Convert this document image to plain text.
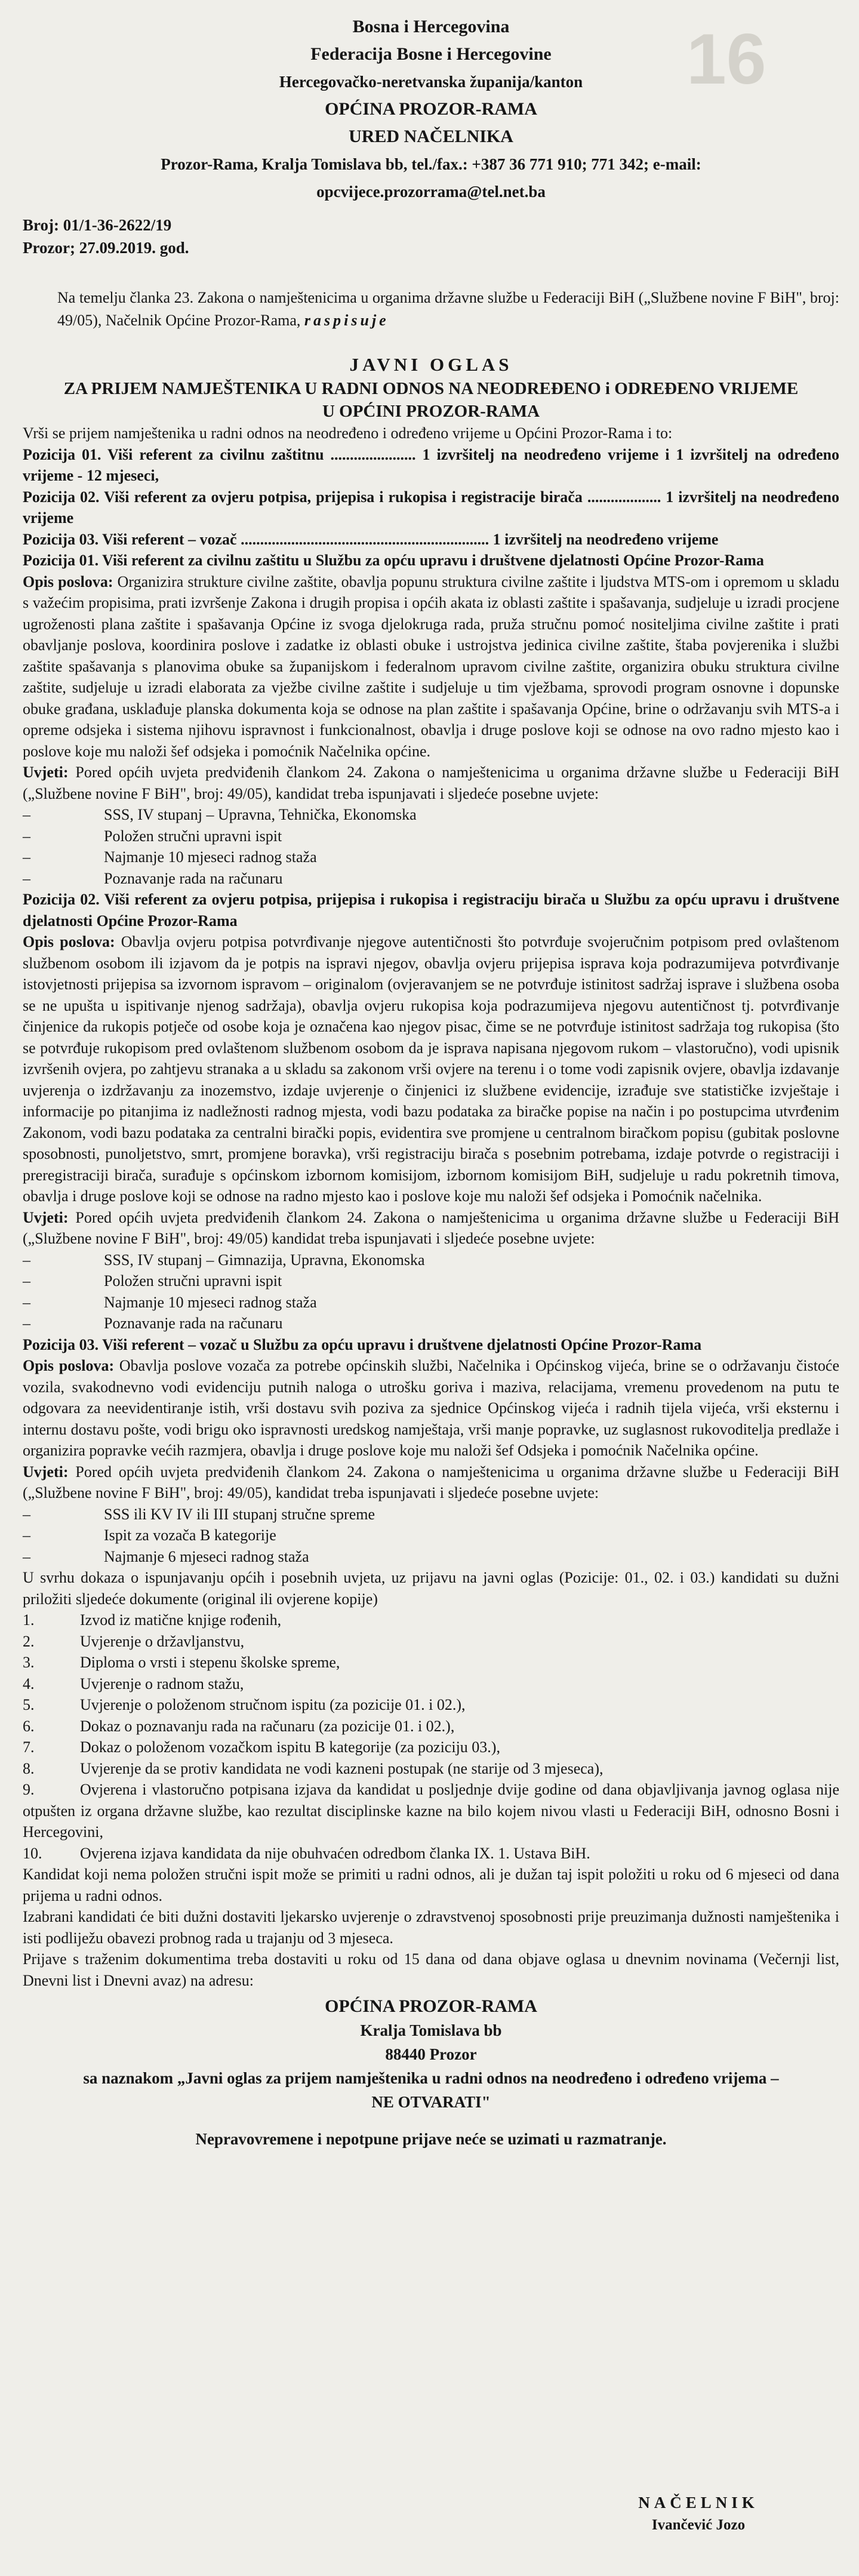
16

Bosna i Hercegovina

Federacija Bosne i Hercegovine

Hercegovačko-neretvanska županija/kanton

OPĆINA PROZOR-RAMA

URED NAČELNIKA

Prozor-Rama, Kralja Tomislava bb, tel./fax.: +387 36 771 910; 771 342; e-mail:

opcvijece.prozorrama@tel.net.ba

Broj: 01/1-36-2622/19

Prozor; 27.09.2019. god.

Na temelju članka 23. Zakona o namještenicima u organima državne službe u Federaciji BiH („Službene novine F BiH", broj: 49/05), Načelnik Općine Prozor-Rama, raspisuje

JAVNI OGLAS

ZA PRIJEM NAMJEŠTENIKA U RADNI ODNOS NA NEODREĐENO i ODREĐENO VRIJEME

U OPĆINI PROZOR-RAMA

Vrši se prijem namještenika u radni odnos na neodređeno i određeno vrijeme u Općini Prozor-Rama i to:

Pozicija 01. Viši referent za civilnu zaštitnu ...................... 1 izvršitelj na neodređeno vrijeme i 1 izvršitelj na određeno vrijeme - 12 mjeseci,

Pozicija 02. Viši referent za ovjeru potpisa, prijepisa i rukopisa i registracije birača ................... 1 izvršitelj na neodređeno vrijeme

Pozicija 03. Viši referent – vozač ................................................................ 1 izvršitelj na neodređeno vrijeme

Pozicija 01. Viši referent za civilnu zaštitu u Službu za opću upravu i društvene djelatnosti Općine Prozor-Rama

Opis poslova: Organizira strukture civilne zaštite, obavlja popunu struktura civilne zaštite i ljudstva MTS-om i opremom u skladu s važećim propisima, prati izvršenje Zakona i drugih propisa i općih akata iz oblasti zaštite i spašavanja, sudjeluje u izradi procjene ugroženosti plana zaštite i spašavanja Općine iz svoga djelokruga rada, pruža stručnu pomoć nositeljima civilne zaštite i prati obavljanje poslova, koordinira poslove i zadatke iz oblasti obuke i ustrojstva jedinica civilne zaštite, štaba povjerenika i službi zaštite spašavanja s planovima obuke sa županijskom i federalnom upravom civilne zaštite, organizira obuku struktura civilne zaštite, sudjeluje u izradi elaborata za vježbe civilne zaštite i sudjeluje u tim vježbama, sprovodi program osnovne i dopunske obuke građana, usklađuje planska dokumenta koja se odnose na plan zaštite i spašavanja Općine, brine o održavanju svih MTS-a i opreme odsjeka i sistema njihovu ispravnost i funkcionalnost, obavlja i druge poslove koji se odnose na ovo radno mjesto kao i poslove koje mu naloži šef odsjeka i pomoćnik Načelnika općine.

Uvjeti: Pored općih uvjeta predviđenih člankom 24. Zakona o namještenicima u organima državne službe u Federaciji BiH („Službene novine F BiH", broj: 49/05), kandidat treba ispunjavati i sljedeće posebne uvjete:

–	SSS, IV stupanj – Upravna, Tehnička, Ekonomska
–	Položen stručni upravni ispit
–	Najmanje 10 mjeseci radnog staža
–	Poznavanje rada na računaru

Pozicija 02. Viši referent za ovjeru potpisa, prijepisa i rukopisa i registraciju birača u Službu za opću upravu i društvene djelatnosti Općine Prozor-Rama

Opis poslova: Obavlja ovjeru potpisa potvrđivanje njegove autentičnosti što potvrđuje svojeručnim potpisom pred ovlaštenom službenom osobom ili izjavom da je potpis na ispravi njegov, obavlja ovjeru prijepisa isprava koja podrazumijeva potvrđivanje istovjetnosti prijepisa sa izvornom ispravom – originalom (ovjeravanjem se ne potvrđuje istinitost sadržaj isprave i službena osoba se ne upušta u ispitivanje njenog sadržaja), obavlja ovjeru rukopisa koja podrazumijeva njegovu autentičnost tj. potvrđivanje činjenice da rukopis potječe od osobe koja je označena kao njegov pisac, čime se ne potvrđuje istinitost sadržaja tog rukopisa (što se potvrđuje rukopisom pred ovlaštenom službenom osobom da je isprava napisana njegovom rukom – vlastoručno), vodi upisnik izvršenih ovjera, po zahtjevu stranaka a u skladu sa zakonom vrši ovjere na terenu i o tome vodi zapisnik ovjere, obavlja izdavanje uvjerenja o izdržavanju za inozemstvo, izdaje uvjerenje o činjenici iz službene evidencije, izrađuje sve statističke izvještaje i informacije po pitanjima iz nadležnosti radnog mjesta, vodi bazu podataka za biračke popise na način i po postupcima utvrđenim Zakonom, vodi bazu podataka za centralni birački popis, evidentira sve promjene u centralnom biračkom popisu (gubitak poslovne sposobnosti, punoljetstvo, smrt, promjene boravka), vrši registraciju birača s posebnim potrebama, izdaje potvrde o registraciji i preregistraciji birača, surađuje s općinskom izbornom komisijom, izbornom komisijom BiH, sudjeluje u radu pokretnih timova, obavlja i druge poslove koji se odnose na radno mjesto kao i poslove koje mu naloži šef odsjeka i Pomoćnik načelnika.

Uvjeti: Pored općih uvjeta predviđenih člankom 24. Zakona o namještenicima u organima državne službe u Federaciji BiH („Službene novine F BiH", broj: 49/05) kandidat treba ispunjavati i sljedeće posebne uvjete:

–	SSS, IV stupanj – Gimnazija, Upravna, Ekonomska
–	Položen stručni upravni ispit
–	Najmanje 10 mjeseci radnog staža
–	Poznavanje rada na računaru

Pozicija 03. Viši referent – vozač u Službu za opću upravu i društvene djelatnosti Općine Prozor-Rama

Opis poslova: Obavlja poslove vozača za potrebe općinskih službi, Načelnika i Općinskog vijeća, brine se o održavanju čistoće vozila, svakodnevno vodi evidenciju putnih naloga o utrošku goriva i maziva, relacijama, vremenu provedenom na putu te odgovara za neevidentiranje istih, vrši dostavu svih poziva za sjednice Općinskog vijeća i radnih tijela vijeća, vrši eksternu i internu dostavu pošte, vodi brigu oko ispravnosti uredskog namještaja, vrši manje popravke, uz suglasnost rukovoditelja predlaže i organizira popravke većih razmjera, obavlja i druge poslove koje mu naloži šef Odsjeka i pomoćnik Načelnika općine.

Uvjeti: Pored općih uvjeta predviđenih člankom 24. Zakona o namještenicima u organima državne službe u Federaciji BiH („Službene novine F BiH", broj: 49/05), kandidat treba ispunjavati i sljedeće posebne uvjete:

–	SSS ili KV IV ili III stupanj stručne spreme
–	Ispit za vozača B kategorije
–	Najmanje 6 mjeseci radnog staža

U svrhu dokaza o ispunjavanju općih i posebnih uvjeta, uz prijavu na javni oglas (Pozicije: 01., 02. i 03.) kandidati su dužni priložiti sljedeće dokumente (original ili ovjerene kopije)

1.	Izvod iz matične knjige rođenih,
2.	Uvjerenje o državljanstvu,
3.	Diploma o vrsti i stepenu školske spreme,
4.	Uvjerenje o radnom stažu,
5.	Uvjerenje o položenom stručnom ispitu (za pozicije 01. i 02.),
6.	Dokaz o poznavanju rada na računaru (za pozicije 01. i 02.),
7.	Dokaz o položenom vozačkom ispitu B kategorije (za poziciju 03.),
8.	Uvjerenje da se protiv kandidata ne vodi kazneni postupak (ne starije od 3 mjeseca),

9.	Ovjerena i vlastoručno potpisana izjava da kandidat u posljednje dvije godine od dana objavljivanja javnog oglasa nije otpušten iz organa državne službe, kao rezultat disciplinske kazne na bilo kojem nivou vlasti u Federaciji BiH, odnosno Bosni i Hercegovini,

10. Ovjerena izjava kandidata da nije obuhvaćen odredbom članka IX. 1. Ustava BiH.

Kandidat koji nema položen stručni ispit može se primiti u radni odnos, ali je dužan taj ispit položiti u roku od 6 mjeseci od dana prijema u radni odnos.

Izabrani kandidati će biti dužni dostaviti ljekarsko uvjerenje o zdravstvenoj sposobnosti prije preuzimanja dužnosti namještenika i isti podliježu obavezi probnog rada u trajanju od 3 mjeseca.

Prijave s traženim dokumentima treba dostaviti u roku od 15 dana od dana objave oglasa u dnevnim novinama (Večernji list, Dnevni list i Dnevni avaz) na adresu:

OPĆINA PROZOR-RAMA

Kralja Tomislava bb

88440 Prozor

sa naznakom „Javni oglas za prijem namještenika u radni odnos na neodređeno i određeno vrijema –

NE OTVARATI"

Nepravovremene i nepotpune prijave neće se uzimati u razmatranje.

NAČELNIK

Ivančević Jozo
